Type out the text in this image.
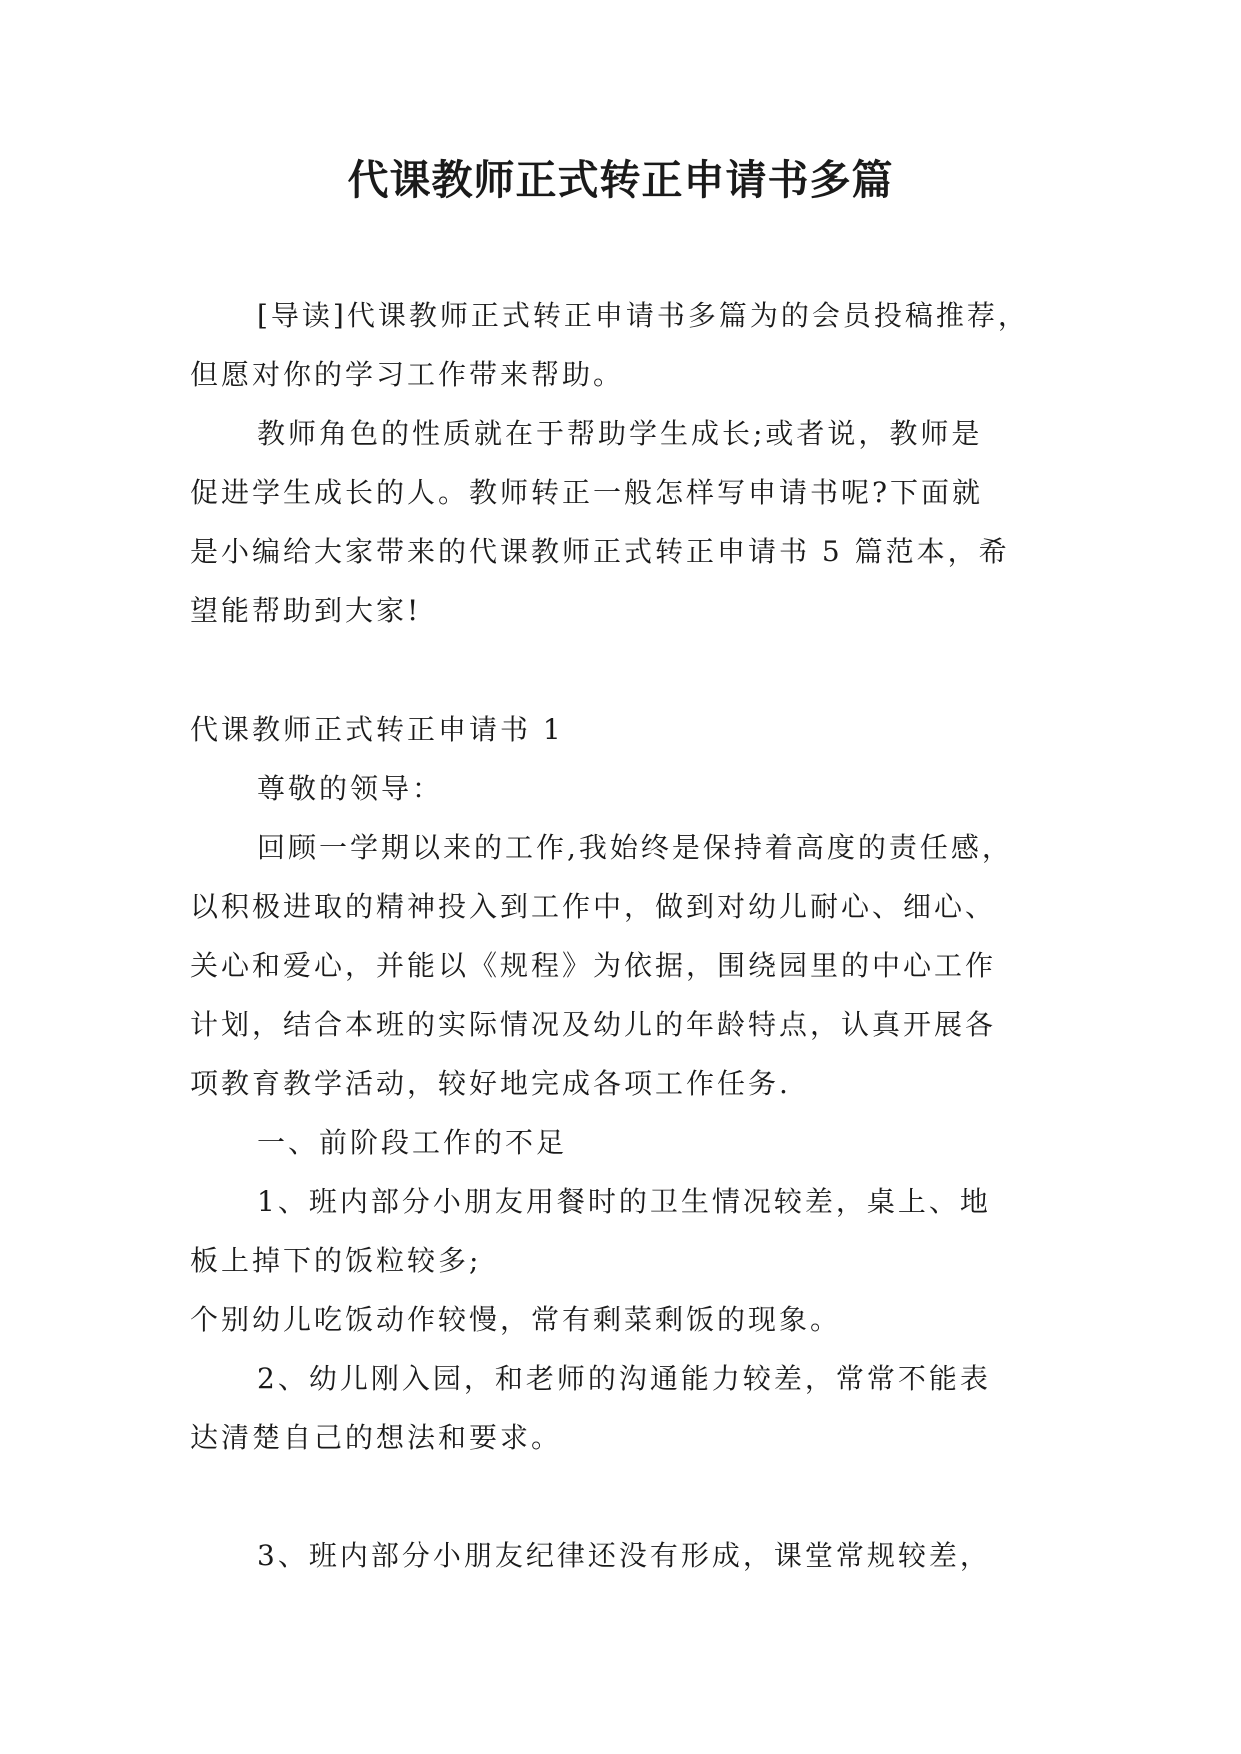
代课教师正式转正申请书多篇
[导读]代课教师正式转正申请书多篇为的会员投稿推荐，
但愿对你的学习工作带来帮助。
教师角色的性质就在于帮助学生成长;或者说，教师是
促进学生成长的人。教师转正一般怎样写申请书呢?下面就
是小编给大家带来的代课教师正式转正申请书 5 篇范本，希
望能帮助到大家!
代课教师正式转正申请书 1
尊敬的领导：
回顾一学期以来的工作,我始终是保持着高度的责任感，
以积极进取的精神投入到工作中，做到对幼儿耐心、细心、
关心和爱心，并能以《规程》为依据，围绕园里的中心工作
计划，结合本班的实际情况及幼儿的年龄特点，认真开展各
项教育教学活动，较好地完成各项工作任务.
一、前阶段工作的不足
1、班内部分小朋友用餐时的卫生情况较差，桌上、地
板上掉下的饭粒较多;
个别幼儿吃饭动作较慢，常有剩菜剩饭的现象。
2、幼儿刚入园，和老师的沟通能力较差，常常不能表
达清楚自己的想法和要求。
3、班内部分小朋友纪律还没有形成，课堂常规较差，
